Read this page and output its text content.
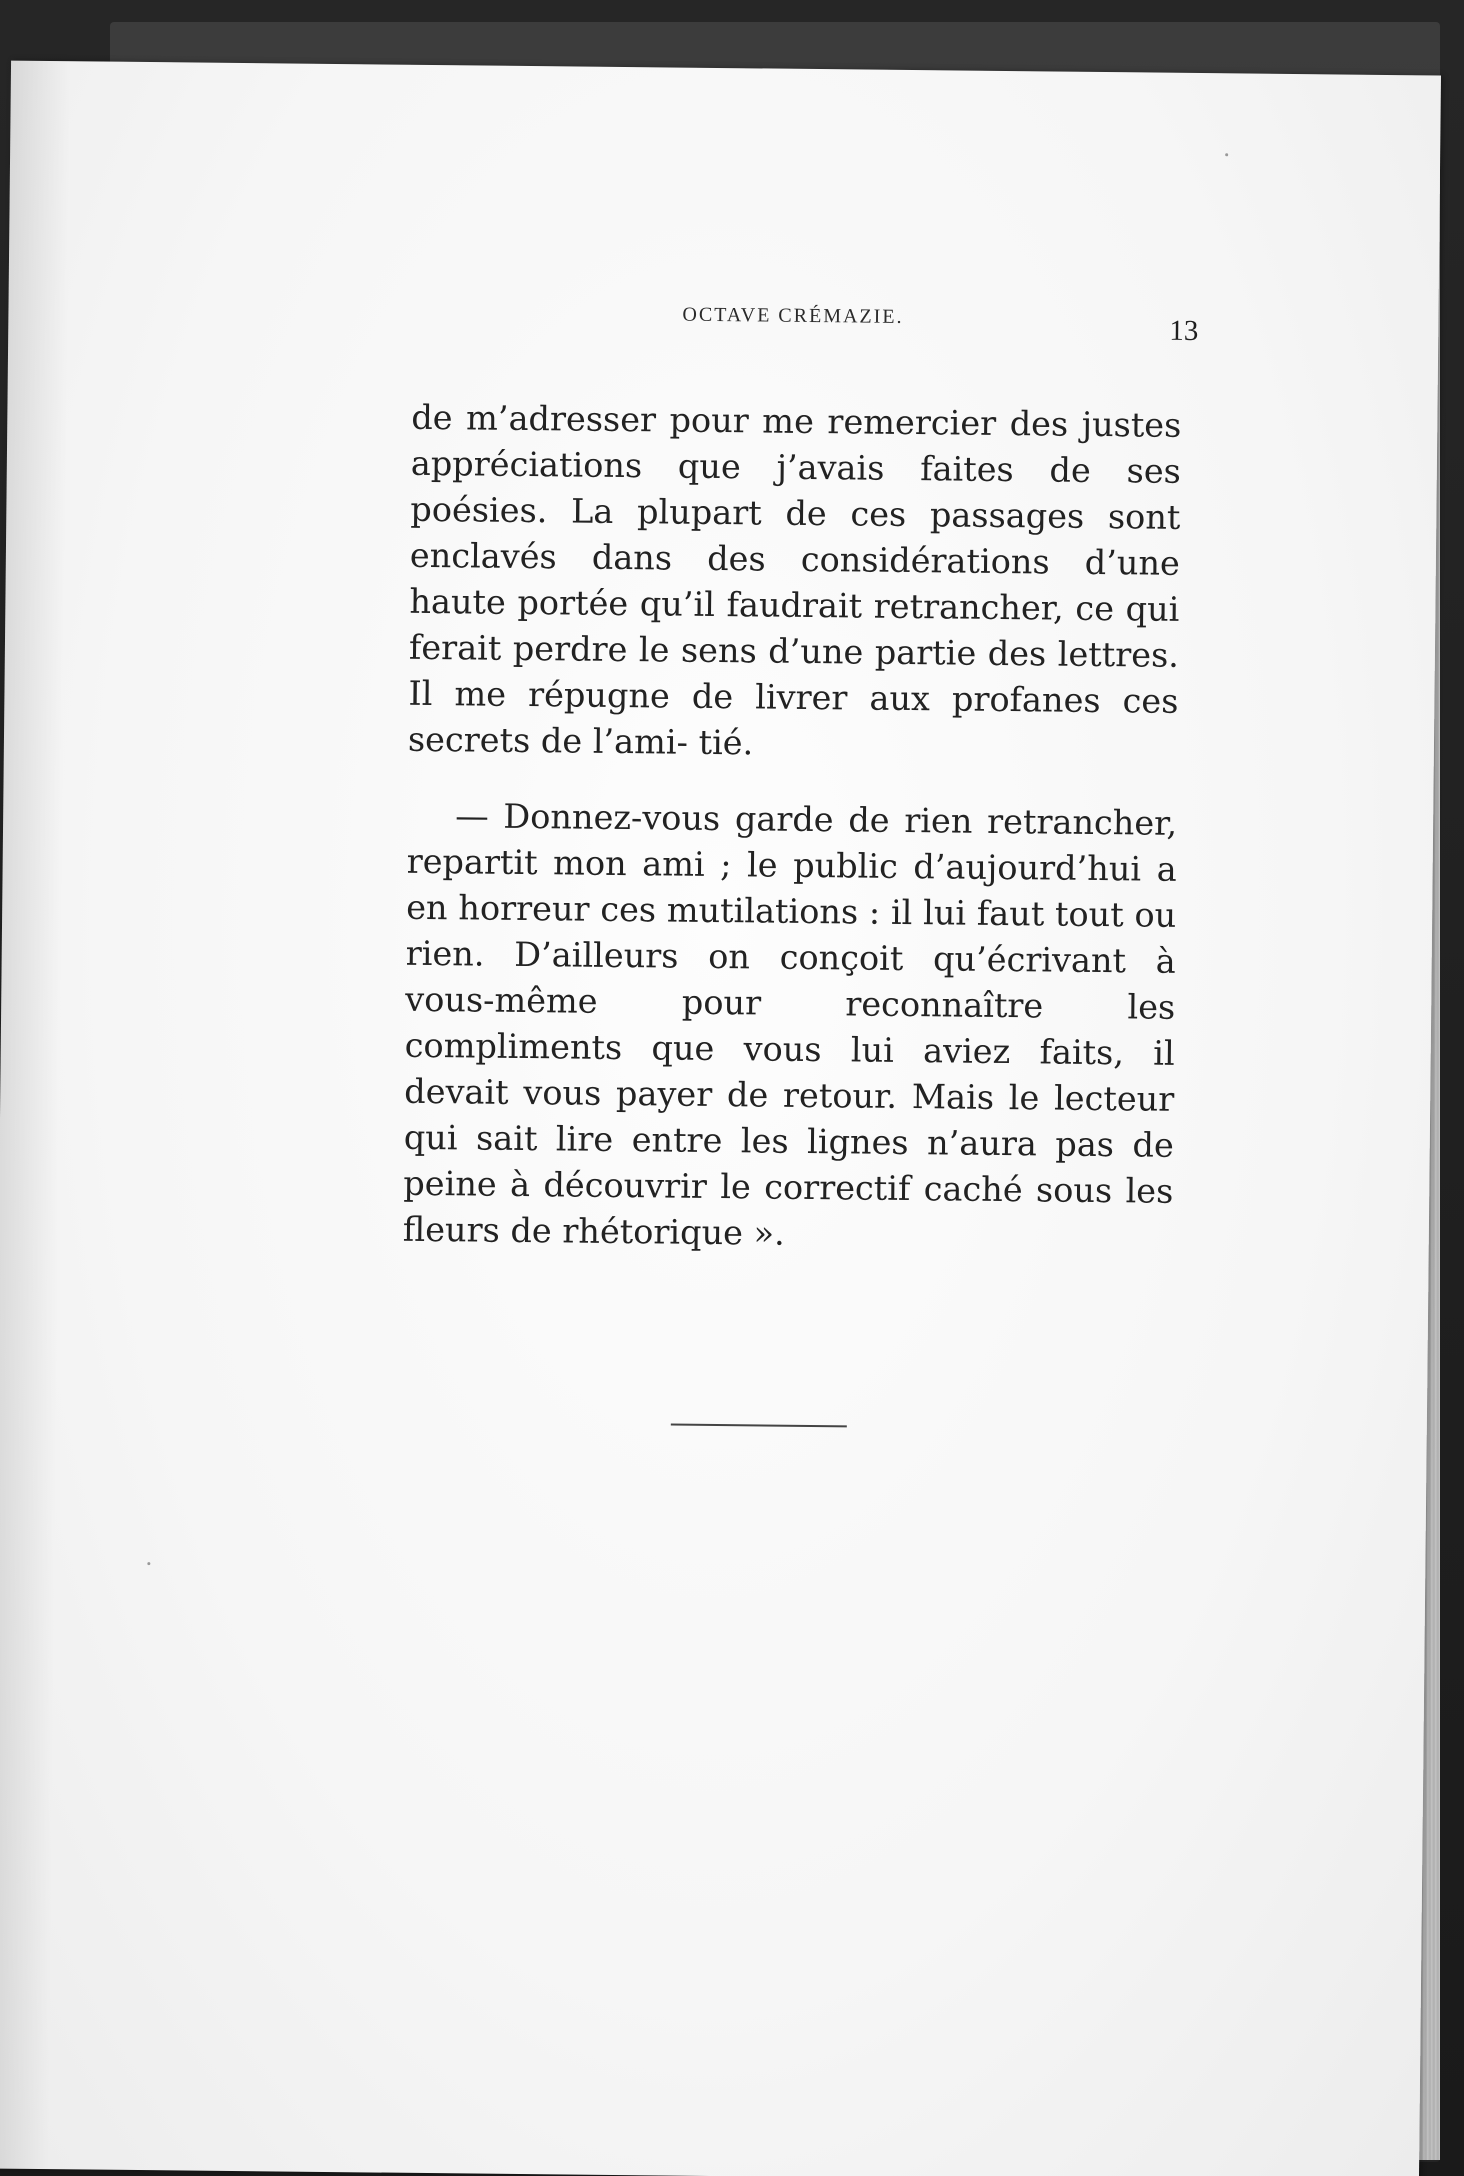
OCTAVE CRÉMAZIE.	13

de m’adresser pour me remercier des justes appréciations que j’avais faites de ses poésies. La plupart de ces passages sont enclavés dans des considérations d’une haute portée qu’il faudrait retrancher, ce qui ferait perdre le sens d’une partie des lettres. Il me répugne de livrer aux profanes ces secrets de l’ami- tié.

— Donnez-vous garde de rien retrancher, repartit mon ami ; le public d’aujourd’hui a en horreur ces mutilations : il lui faut tout ou rien. D’ailleurs on conçoit qu’écrivant à vous-même pour reconnaître les compliments que vous lui aviez faits, il devait vous payer de retour. Mais le lecteur qui sait lire entre les lignes n’aura pas de peine à découvrir le correctif caché sous les fleurs de rhétorique ».
